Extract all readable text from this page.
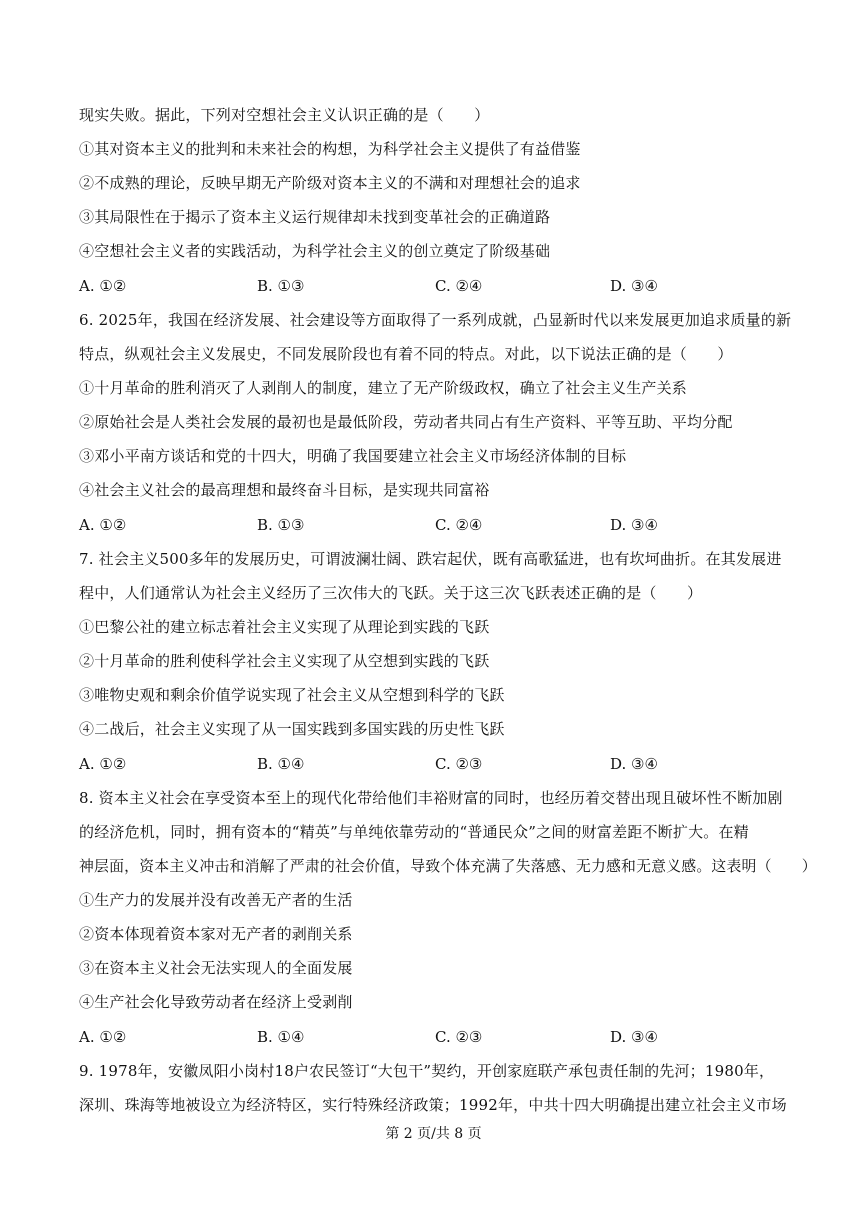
现实失败。据此，下列对空想社会主义认识正确的是（　　）
①其对资本主义的批判和未来社会的构想，为科学社会主义提供了有益借鉴
②不成熟的理论，反映早期无产阶级对资本主义的不满和对理想社会的追求
③其局限性在于揭示了资本主义运行规律却未找到变革社会的正确道路
④空想社会主义者的实践活动，为科学社会主义的创立奠定了阶级基础
A. ①②	B. ①③	C. ②④	D. ③④
6. 2025年，我国在经济发展、社会建设等方面取得了一系列成就，凸显新时代以来发展更加追求质量的新
特点，纵观社会主义发展史，不同发展阶段也有着不同的特点。对此，以下说法正确的是（　　）
①十月革命的胜利消灭了人剥削人的制度，建立了无产阶级政权，确立了社会主义生产关系
②原始社会是人类社会发展的最初也是最低阶段，劳动者共同占有生产资料、平等互助、平均分配
③邓小平南方谈话和党的十四大，明确了我国要建立社会主义市场经济体制的目标
④社会主义社会的最高理想和最终奋斗目标，是实现共同富裕
A. ①②	B. ①③	C. ②④	D. ③④
7. 社会主义500多年的发展历史，可谓波澜壮阔、跌宕起伏，既有高歌猛进，也有坎坷曲折。在其发展进
程中，人们通常认为社会主义经历了三次伟大的飞跃。关于这三次飞跃表述正确的是（　　）
①巴黎公社的建立标志着社会主义实现了从理论到实践的飞跃
②十月革命的胜利使科学社会主义实现了从空想到实践的飞跃
③唯物史观和剩余价值学说实现了社会主义从空想到科学的飞跃
④二战后，社会主义实现了从一国实践到多国实践的历史性飞跃
A. ①②	B. ①④	C. ②③	D. ③④
8. 资本主义社会在享受资本至上的现代化带给他们丰裕财富的同时，也经历着交替出现且破坏性不断加剧
的经济危机，同时，拥有资本的“精英”与单纯依靠劳动的“普通民众”之间的财富差距不断扩大。在精
神层面，资本主义冲击和消解了严肃的社会价值，导致个体充满了失落感、无力感和无意义感。这表明（　　）
①生产力的发展并没有改善无产者的生活
②资本体现着资本家对无产者的剥削关系
③在资本主义社会无法实现人的全面发展
④生产社会化导致劳动者在经济上受剥削
A. ①②	B. ①④	C. ②③	D. ③④
9. 1978年，安徽凤阳小岗村18户农民签订“大包干”契约，开创家庭联产承包责任制的先河；1980年，
深圳、珠海等地被设立为经济特区，实行特殊经济政策；1992年，中共十四大明确提出建立社会主义市场
第 2 页/共 8 页
